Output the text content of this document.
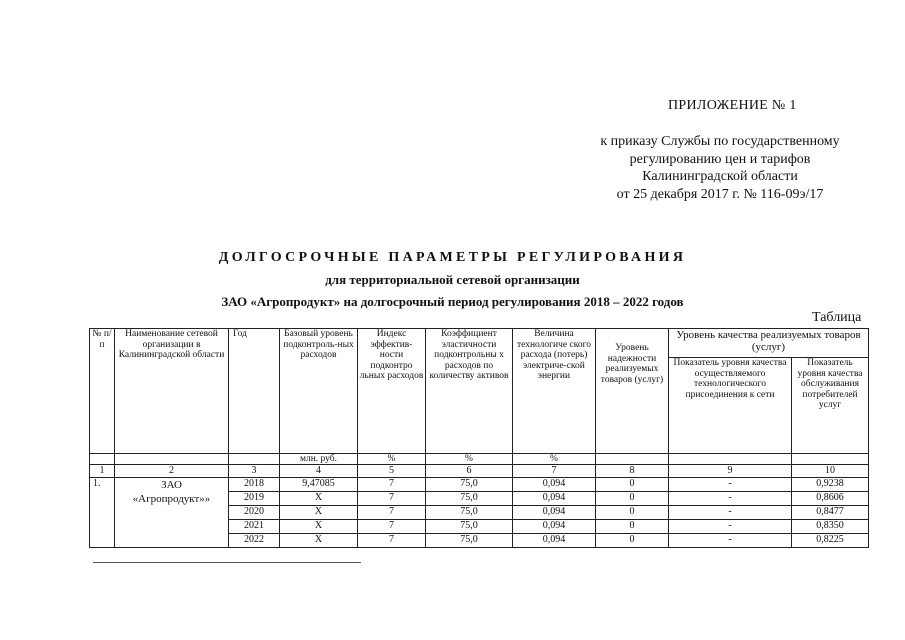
ПРИЛОЖЕНИЕ № 1
к приказу Службы по государственному
регулированию цен и тарифов
Калининградской области
от 25 декабря 2017 г. № 116-09э/17
ДОЛГОСРОЧНЫЕ ПАРАМЕТРЫ РЕГУЛИРОВАНИЯ
для территориальной сетевой организации
ЗАО «Агропродукт» на долгосрочный период регулирования 2018 – 2022 годов
Таблица
№ п/п	Наименование сетевой организации в Калининградской области	Год	Базовый уровень подконтроль-ных расходов	Индекс эффектив-ности подконтро льных расходов	Коэффициент эластичности подконтрольны х расходов по количеству активов	Величина технологиче ского расхода (потерь) электриче-ской энергии	Уровень надежности реализуемых товаров (услуг)	Уровень качества реализуемых товаров (услуг)	
								Показатель уровня качества осуществляемого технологического присоединения к сети	Показатель уровня качества обслуживания потребителей услуг
			млн. руб.	%	%	%			
1	2	3	4	5	6	7	8	9	10
1.	ЗАО «Агропродукт»»	2018	9,47085	7	75,0	0,094	0	-	0,9238
		2019	Х	7	75,0	0,094	0	-	0,8606
		2020	Х	7	75,0	0,094	0	-	0,8477
		2021	Х	7	75,0	0,094	0	-	0,8350
		2022	Х	7	75,0	0,094	0	-	0,8225
